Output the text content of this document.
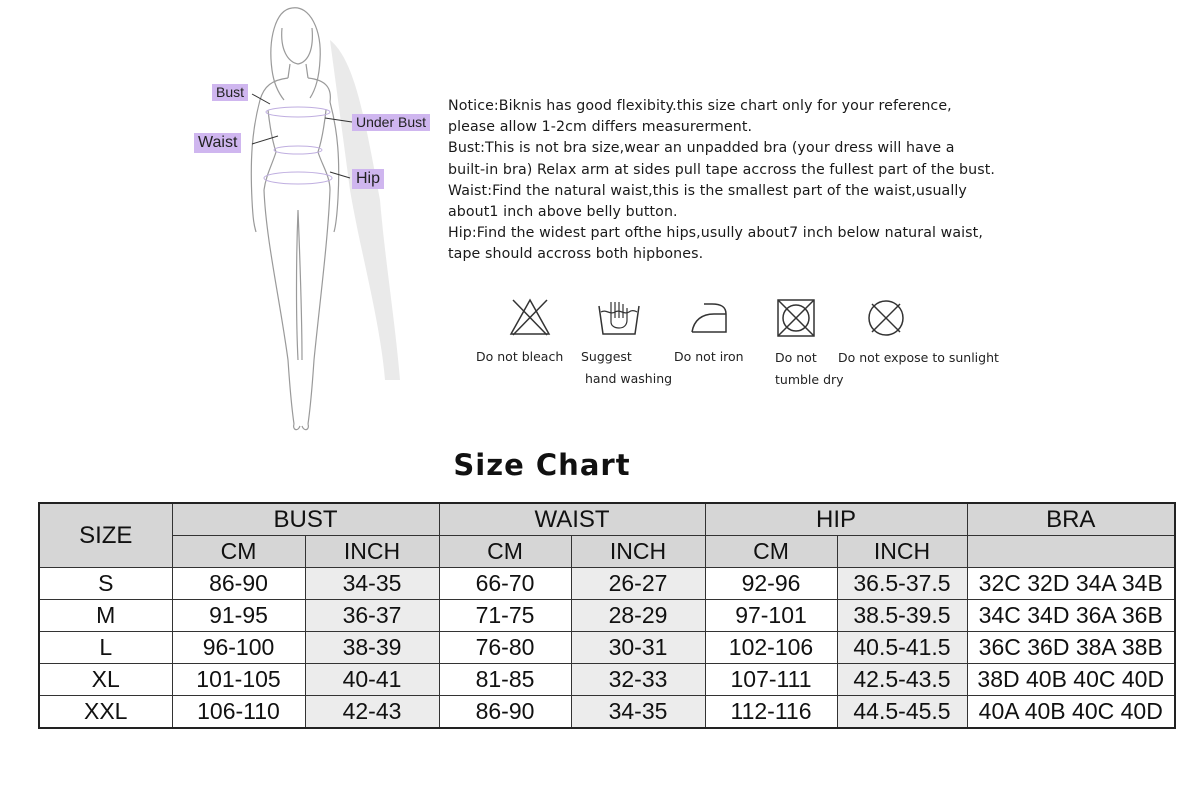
Bust
Waist
Under Bust
Hip
Notice:Biknis has good flexibity.this size chart only for your reference,
please allow 1-2cm differs measurerment.
Bust:This is not bra size,wear an unpadded bra (your dress will have a
built-in bra) Relax arm at sides pull tape accross the fullest part of the bust.
Waist:Find the natural waist,this is the smallest part of the waist,usually
about1 inch above belly button.
Hip:Find the widest part ofthe hips,usully about7 inch below natural waist,
tape should accross both hipbones.
Do not bleach Suggest
hand washing
Do not iron	Do not
tumble dry
Do not expose to sunlight
Size Chart
SIZE	BUST		WAIST		HIP		BRA
	CM	INCH	CM	INCH	CM	INCH	
S	86-90	34-35	66-70	26-27	92-96	36.5-37.5	32C 32D 34A 34B
M	91-95	36-37	71-75	28-29	97-101	38.5-39.5	34C 34D 36A 36B
L	96-100	38-39	76-80	30-31	102-106	40.5-41.5	36C 36D 38A 38B
XL	101-105	40-41	81-85	32-33	107-111	42.5-43.5	38D 40B 40C 40D
XXL	106-110	42-43	86-90	34-35	112-116	44.5-45.5	40A 40B 40C 40D
